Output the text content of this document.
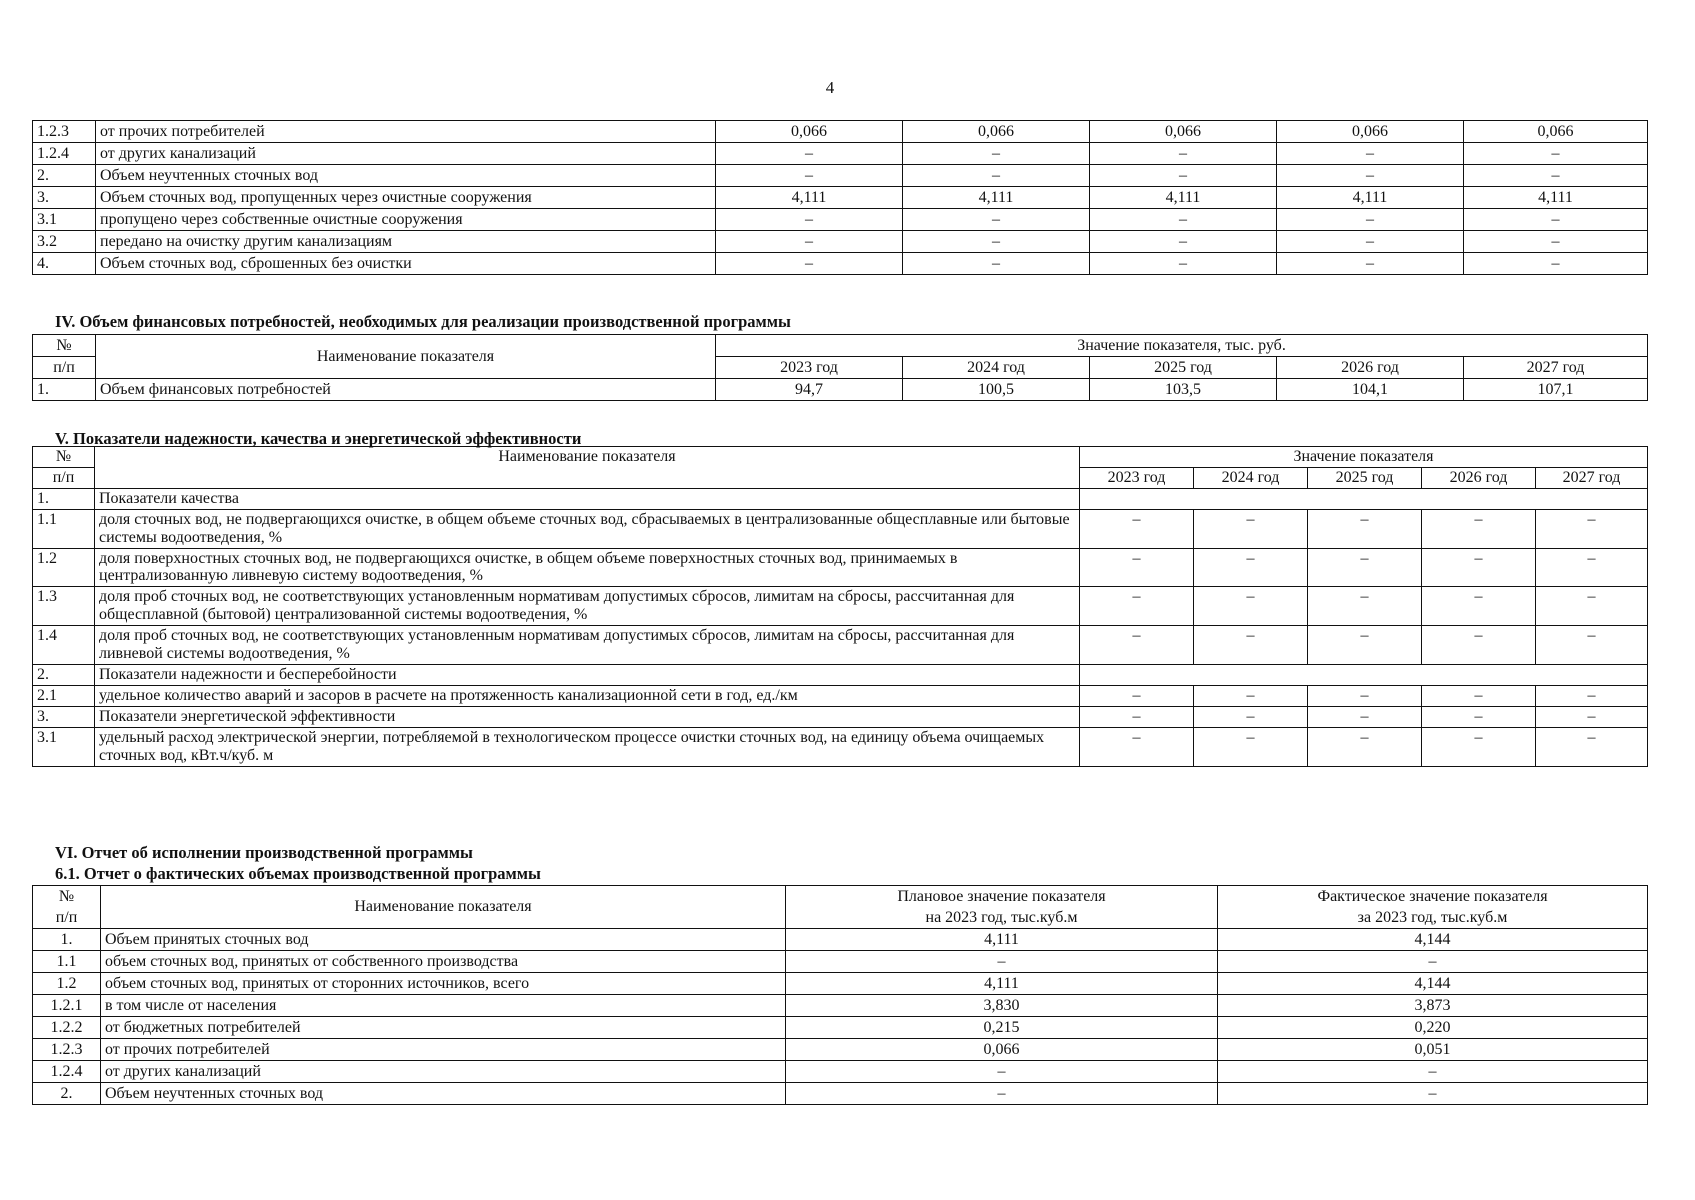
4
1.2.3	от прочих потребителей	0,066	0,066	0,066	0,066	0,066
1.2.4	от других канализаций	–	–	–	–	–
2.	Объем неучтенных сточных вод	–	–	–	–	–
3.	Объем сточных вод, пропущенных через очистные сооружения	4,111	4,111	4,111	4,111	4,111
3.1	пропущено через собственные очистные сооружения	–	–	–	–	–
3.2	передано на очистку другим канализациям	–	–	–	–	–
4.	Объем сточных вод, сброшенных без очистки	–	–	–	–	–
IV. Объем финансовых потребностей, необходимых для реализации производственной программы
№	Наименование показателя	Значение показателя, тыс. руб.				
п/п		2023 год	2024 год	2025 год	2026 год	2027 год
1.	Объем финансовых потребностей	94,7	100,5	103,5	104,1	107,1
V. Показатели надежности, качества и энергетической эффективности
№	Наименование показателя	Значение показателя				
п/п		2023 год	2024 год	2025 год	2026 год	2027 год
1.	Показатели качества					
1.1	доля сточных вод, не подвергающихся очистке, в общем объеме сточных вод, сбрасываемых в централизованные общесплавные или бытовые системы водоотведения, %	–	–	–	–	–
1.2	доля поверхностных сточных вод, не подвергающихся очистке, в общем объеме поверхностных сточных вод, принимаемых в централизованную ливневую систему водоотведения, %	–	–	–	–	–
1.3	доля проб сточных вод, не соответствующих установленным нормативам допустимых сбросов, лимитам на сбросы, рассчитанная для общесплавной (бытовой) централизованной системы водоотведения, %	–	–	–	–	–
1.4	доля проб сточных вод, не соответствующих установленным нормативам допустимых сбросов, лимитам на сбросы, рассчитанная для ливневой системы водоотведения, %	–	–	–	–	–
2.	Показатели надежности и бесперебойности					
2.1	удельное количество аварий и засоров в расчете на протяженность канализационной сети в год, ед./км	–	–	–	–	–
3.	Показатели энергетической эффективности	–	–	–	–	–
3.1	удельный расход электрической энергии, потребляемой в технологическом процессе очистки сточных вод, на единицу объема очищаемых сточных вод, кВт.ч/куб. м	–	–	–	–	–
VI. Отчет об исполнении производственной программы
6.1. Отчет о фактических объемах производственной программы
№	Наименование показателя	Плановое значение показателя	Фактическое значение показателя
п/п		на 2023 год, тыс.куб.м	за 2023 год, тыс.куб.м
1.	Объем принятых сточных вод	4,111	4,144
1.1	объем сточных вод, принятых от собственного производства	–	–
1.2	объем сточных вод, принятых от сторонних источников, всего	4,111	4,144
1.2.1	в том числе от населения	3,830	3,873
1.2.2	от бюджетных потребителей	0,215	0,220
1.2.3	от прочих потребителей	0,066	0,051
1.2.4	от других канализаций	–	–
2.	Объем неучтенных сточных вод	–	–
